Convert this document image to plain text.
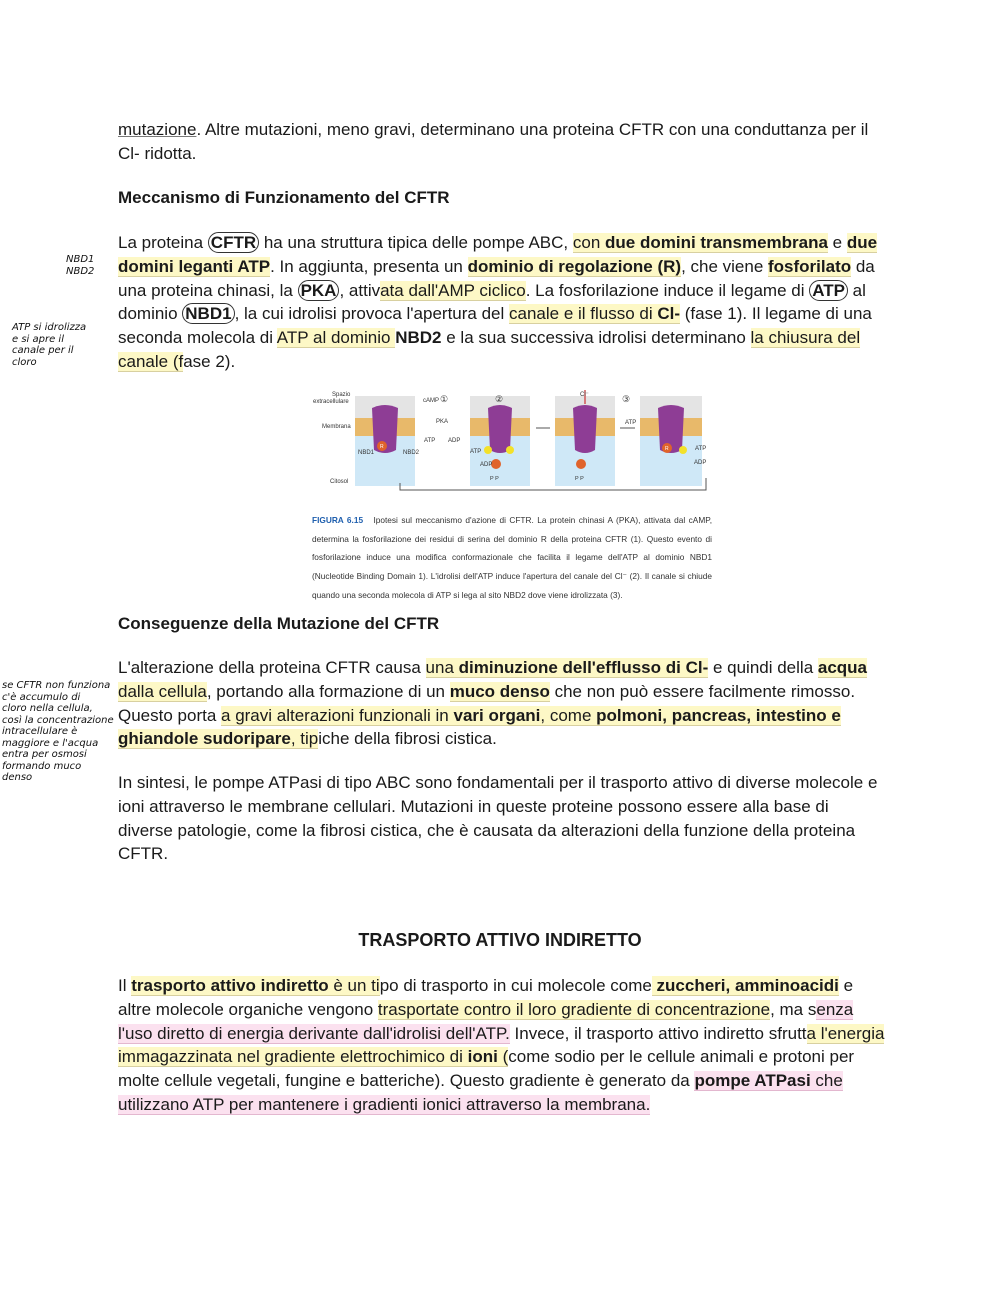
mutazione. Altre mutazioni, meno gravi, determinano una proteina CFTR con una conduttanza per il Cl- ridotta.

Meccanismo di Funzionamento del CFTR

La proteina CFTR ha una struttura tipica delle pompe ABC, con due domini transmembrana e due domini leganti ATP. In aggiunta, presenta un dominio di regolazione (R), che viene fosforilato da una proteina chinasi, la PKA , attivata dall'AMP ciclico. La fosforilazione induce il legame di ATP al dominio NBD1 , la cui idrolisi provoca l'apertura del canale e il flusso di Cl- (fase 1). Il legame di una seconda molecola di ATP al dominio NBD2 e la sua successiva idrolisi determinano la chiusura del canale (fase 2).

Spazio
extracellulare
Membrana
Citosol
cAMP
PKA
ATP ADP
NBD1	NBD2
Cl⁻
ATP
ATP
ADP
P P	P P
ATP
ADP
R	R
①	②	③

FIGURA 6.15 Ipotesi sul meccanismo d'azione di CFTR. La protein chinasi A (PKA), attivata dal cAMP, determina la fosforilazione dei residui di serina del dominio R della proteina CFTR (1). Questo evento di fosforilazione induce una modifica conformazionale che facilita il legame dell'ATP al dominio NBD1 (Nucleotide Binding Domain 1). L'idrolisi dell'ATP induce l'apertura del canale del Cl⁻ (2). Il canale si chiude quando una seconda molecola di ATP si lega al sito NBD2 dove viene idrolizzata (3).

Conseguenze della Mutazione del CFTR

L'alterazione della proteina CFTR causa una diminuzione dell'efflusso di Cl- e quindi della acqua dalla cellula, portando alla formazione di un muco denso che non può essere facilmente rimosso. Questo porta a gravi alterazioni funzionali in vari organi, come polmoni, pancreas, intestino e ghiandole sudoripare, tipiche della fibrosi cistica.

In sintesi, le pompe ATPasi di tipo ABC sono fondamentali per il trasporto attivo di diverse molecole e ioni attraverso le membrane cellulari. Mutazioni in queste proteine possono essere alla base di diverse patologie, come la fibrosi cistica, che è causata da alterazioni della funzione della proteina CFTR.

TRASPORTO ATTIVO INDIRETTO

Il trasporto attivo indiretto è un tipo di trasporto in cui molecole come zuccheri, amminoacidi e altre molecole organiche vengono trasportate contro il loro gradiente di concentrazione, ma senza l'uso diretto di energia derivante dall'idrolisi dell'ATP. Invece, il trasporto attivo indiretto sfrutta l'energia immagazzinata nel gradiente elettrochimico di ioni (come sodio per le cellule animali e protoni per molte cellule vegetali, fungine e batteriche). Questo gradiente è generato da pompe ATPasi che utilizzano ATP per mantenere i gradienti ionici attraverso la membrana.

NBD1
NBD2
ATP si idrolizza
e si apre il
canale per il
cloro
se CFTR non funziona
c'è accumulo di
cloro nella cellula,
così la concentrazione
intracellulare è
maggiore e l'acqua
entra per osmosi
formando muco
denso
